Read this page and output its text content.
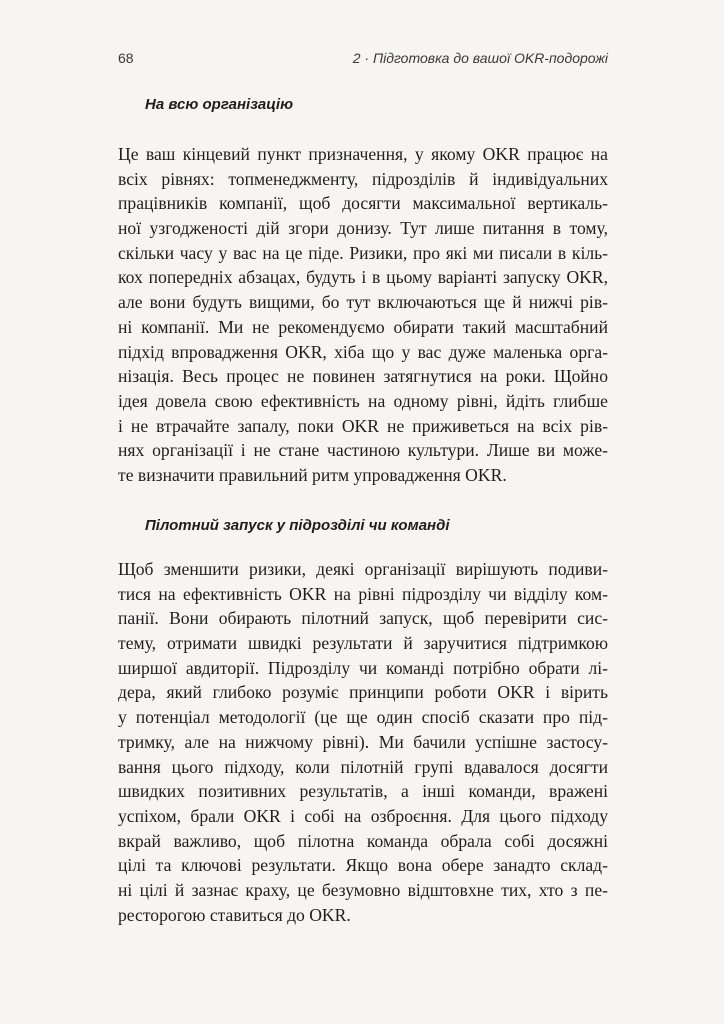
68	2 · Підготовка до вашої OKR-подорожі
На всю організацію
Це ваш кінцевий пункт призначення, у якому OKR працює на
всіх рівнях: топменеджменту, підрозділів й індивідуальних
працівників компанії, щоб досягти максимальної вертикаль-
ної узгодженості дій згори донизу. Тут лише питання в тому,
скільки часу у вас на це піде. Ризики, про які ми писали в кіль-
кох попередніх абзацах, будуть і в цьому варіанті запуску OKR,
але вони будуть вищими, бо тут включаються ще й нижчі рів-
ні компанії. Ми не рекомендуємо обирати такий масштабний
підхід впровадження OKR, хіба що у вас дуже маленька орга-
нізація. Весь процес не повинен затягнутися на роки. Щойно
ідея довела свою ефективність на одному рівні, йдіть глибше
і не втрачайте запалу, поки OKR не приживеться на всіх рів-
нях організації і не стане частиною культури. Лише ви може-
те визначити правильний ритм упровадження OKR.
Пілотний запуск у підрозділі чи команді
Щоб зменшити ризики, деякі організації вирішують подиви-
тися на ефективність OKR на рівні підрозділу чи відділу ком-
панії. Вони обирають пілотний запуск, щоб перевірити сис-
тему, отримати швидкі результати й заручитися підтримкою
ширшої авдиторії. Підрозділу чи команді потрібно обрати лі-
дера, який глибоко розуміє принципи роботи OKR і вірить
у потенціал методології (це ще один спосіб сказати про під-
тримку, але на нижчому рівні). Ми бачили успішне застосу-
вання цього підходу, коли пілотній групі вдавалося досягти
швидких позитивних результатів, а інші команди, вражені
успіхом, брали OKR і собі на озброєння. Для цього підходу
вкрай важливо, щоб пілотна команда обрала собі досяжні
цілі та ключові результати. Якщо вона обере занадто склад-
ні цілі й зазнає краху, це безумовно відштовхне тих, хто з пе-
ресторогою ставиться до OKR.
